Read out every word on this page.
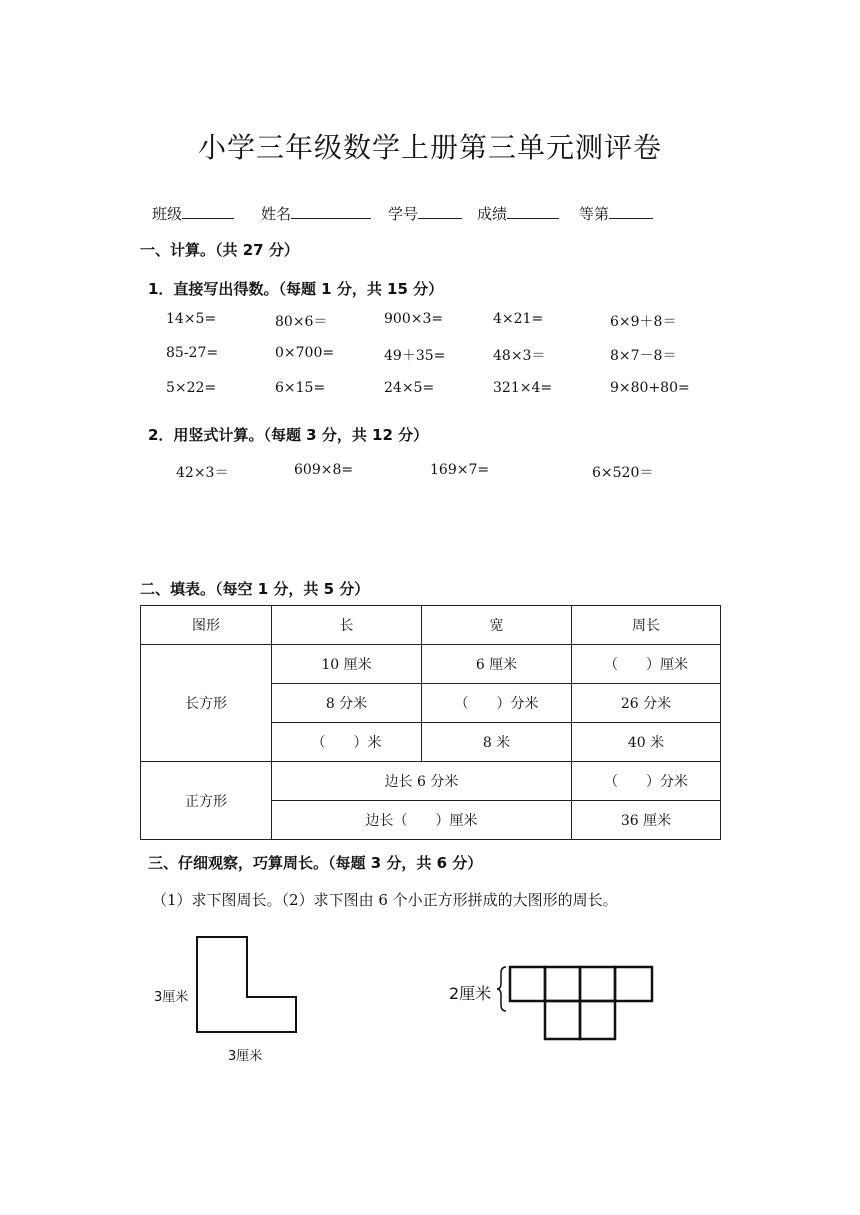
小学三年级数学上册第三单元测评卷
班级	姓名	学号	成绩	等第
一、计算。（共 27 分）
1．直接写出得数。（每题 1 分，共 15 分）
14×5=	80×6＝	900×3=	4×21=	6×9＋8＝
85-27=	0×700=	49＋35=	48×3＝	8×7－8＝
5×22=	6×15=	24×5=	321×4=	9×80+80=
2．用竖式计算。（每题 3 分，共 12 分）
42×3＝	609×8=	169×7=	6×520＝
二、填表。（每空 1 分，共 5 分）
图形	长	宽	周长
长方形	10 厘米	6 厘米	（　　）厘米
	8 分米	（　　）分米	26 分米
	（　　）米	8 米	40 米
正方形	边长 6 分米		（　　）分米
	边长（　　）厘米		36 厘米
三、仔细观察，巧算周长。（每题 3 分，共 6 分）
（1）求下图周长。（2）求下图由 6 个小正方形拼成的大图形的周长。
3厘米
3厘米
2厘米
